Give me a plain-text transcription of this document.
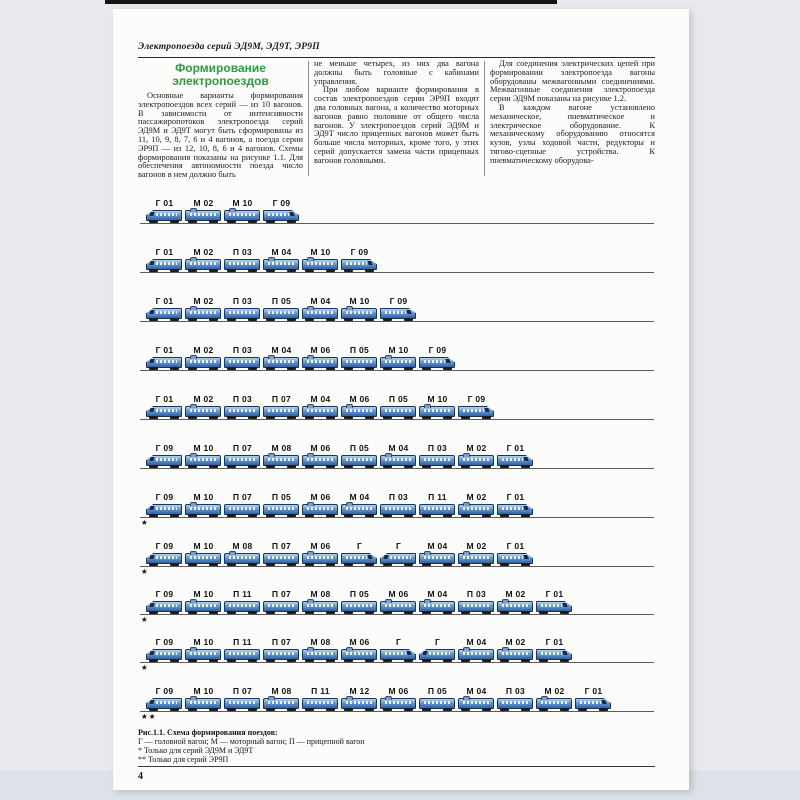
Электропоезда серий ЭД9М, ЭД9Т, ЭР9П
Формирование
электропоездов

Основные варианты формирования электропоездов всех серий — из 10 вагонов. В зависимости от интенсивности пассажиропотоков электропоезда серий ЭД9М и ЭД9Т могут быть сформированы из 11, 10, 9, 8, 7, 6 и 4 вагонов, а поезда серии ЭР9П — из 12, 10, 8, 6 и 4 вагонов. Схемы формирования показаны на рисунке 1.1. Для обеспечения автономности поезда число вагонов в нем должно быть

не меньше четырех, из них два вагона должны быть головные с кабинами управления.

При любом варианте формирования в состав электропоездов серии ЭР9П входят два головных вагона, а количество моторных вагонов равно половине от общего числа вагонов. У электропоездов серий ЭД9М и ЭД9Т число прицепных вагонов может быть больше числа моторных, кроме того, у этих серий допускается замена части прицепных вагонов головными.

Для соединения электрических цепей при формировании электропоезда вагоны оборудованы межвагонными соединениями. Межвагонные соединения электропоезда серии ЭД9М показаны на рисунке 1.2.

В каждом вагоне установлено механическое, пневматическое и электрическое оборудование. К механическому оборудованию относятся кузов, узлы ходовой части, редукторы и тягово-сцепные устройства. К пневматическому оборудова-

Г 01 М 02 М 10 Г 09
Г 01 М 02 П 03 М 04 М 10 Г 09
Г 01 М 02 П 03 П 05 М 04 М 10 Г 09
Г 01 М 02 П 03 М 04 М 06 П 05 М 10 Г 09
Г 01 М 02 П 03 П 07 М 04 М 06 П 05 М 10 Г 09
Г 09 М 10 П 07 М 08 М 06 П 05 М 04 П 03 М 02 Г 01
Г 09 М 10 П 07 П 05 М 06 М 04 П 03 П 11 М 02 Г 01
★
Г 09 М 10 М 08 П 07 М 06	Г	Г	М 04 М 02 Г 01
★
Г 09 М 10 П 11 П 07 М 08 П 05 М 06 М 04 П 03 М 02 Г 01
★
Г 09 М 10 П 11 П 07 М 08 М 06	Г	Г	М 04 М 02 Г 01
★
Г 09 М 10 П 07 М 08 П 11 М 12 М 06 П 05 М 04 П 03 М 02 Г 01
★★
Рис.1.1. Схема формирования поездов:
Г — головной вагон; М — моторный вагон; П — прицепной вагон
* Только для серий ЭД9М и ЭД9Т
** Только для серий ЭР9П
4
